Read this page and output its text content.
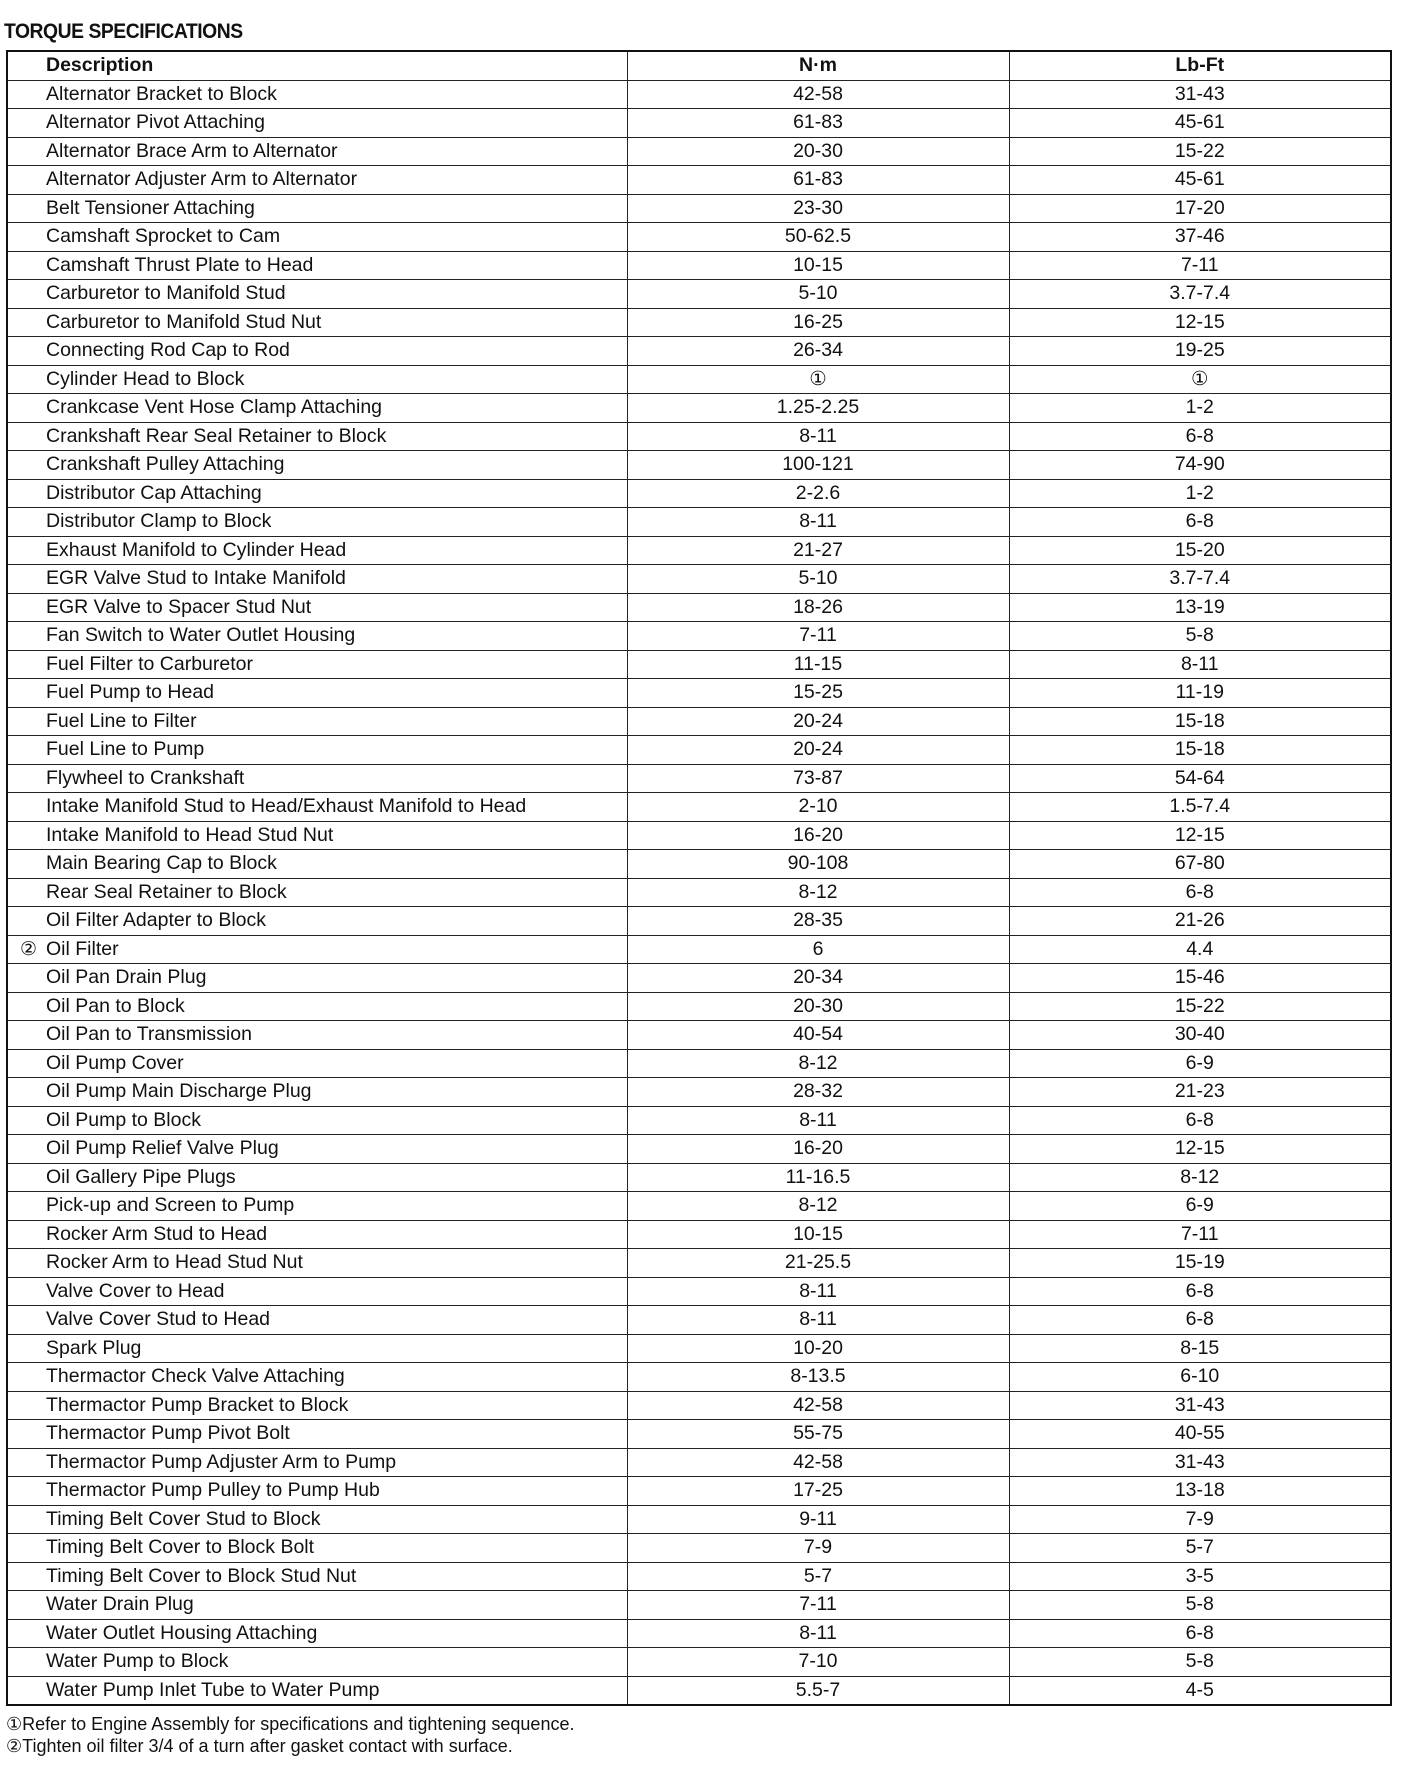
TORQUE SPECIFICATIONS
Description	N·m	Lb-Ft
Alternator Bracket to Block	42-58	31-43
Alternator Pivot Attaching	61-83	45-61
Alternator Brace Arm to Alternator	20-30	15-22
Alternator Adjuster Arm to Alternator	61-83	45-61
Belt Tensioner Attaching	23-30	17-20
Camshaft Sprocket to Cam	50-62.5	37-46
Camshaft Thrust Plate to Head	10-15	7-11
Carburetor to Manifold Stud	5-10	3.7-7.4
Carburetor to Manifold Stud Nut	16-25	12-15
Connecting Rod Cap to Rod	26-34	19-25
Cylinder Head to Block	①	①
Crankcase Vent Hose Clamp Attaching	1.25-2.25	1-2
Crankshaft Rear Seal Retainer to Block	8-11	6-8
Crankshaft Pulley Attaching	100-121	74-90
Distributor Cap Attaching	2-2.6	1-2
Distributor Clamp to Block	8-11	6-8
Exhaust Manifold to Cylinder Head	21-27	15-20
EGR Valve Stud to Intake Manifold	5-10	3.7-7.4
EGR Valve to Spacer Stud Nut	18-26	13-19
Fan Switch to Water Outlet Housing	7-11	5-8
Fuel Filter to Carburetor	11-15	8-11
Fuel Pump to Head	15-25	11-19
Fuel Line to Filter	20-24	15-18
Fuel Line to Pump	20-24	15-18
Flywheel to Crankshaft	73-87	54-64
Intake Manifold Stud to Head/Exhaust Manifold to Head	2-10	1.5-7.4
Intake Manifold to Head Stud Nut	16-20	12-15
Main Bearing Cap to Block	90-108	67-80
Rear Seal Retainer to Block	8-12	6-8
Oil Filter Adapter to Block	28-35	21-26

② Oil Filter	6	4.4
Oil Pan Drain Plug	20-34	15-46
Oil Pan to Block	20-30	15-22
Oil Pan to Transmission	40-54	30-40
Oil Pump Cover	8-12	6-9
Oil Pump Main Discharge Plug	28-32	21-23
Oil Pump to Block	8-11	6-8
Oil Pump Relief Valve Plug	16-20	12-15
Oil Gallery Pipe Plugs	11-16.5	8-12
Pick-up and Screen to Pump	8-12	6-9
Rocker Arm Stud to Head	10-15	7-11
Rocker Arm to Head Stud Nut	21-25.5	15-19
Valve Cover to Head	8-11	6-8
Valve Cover Stud to Head	8-11	6-8
Spark Plug	10-20	8-15
Thermactor Check Valve Attaching	8-13.5	6-10
Thermactor Pump Bracket to Block	42-58	31-43
Thermactor Pump Pivot Bolt	55-75	40-55
Thermactor Pump Adjuster Arm to Pump	42-58	31-43
Thermactor Pump Pulley to Pump Hub	17-25	13-18
Timing Belt Cover Stud to Block	9-11	7-9
Timing Belt Cover to Block Bolt	7-9	5-7
Timing Belt Cover to Block Stud Nut	5-7	3-5
Water Drain Plug	7-11	5-8
Water Outlet Housing Attaching	8-11	6-8
Water Pump to Block	7-10	5-8
Water Pump Inlet Tube to Water Pump	5.5-7	4-5
①Refer to Engine Assembly for specifications and tightening sequence.
②Tighten oil filter 3/4 of a turn after gasket contact with surface.
